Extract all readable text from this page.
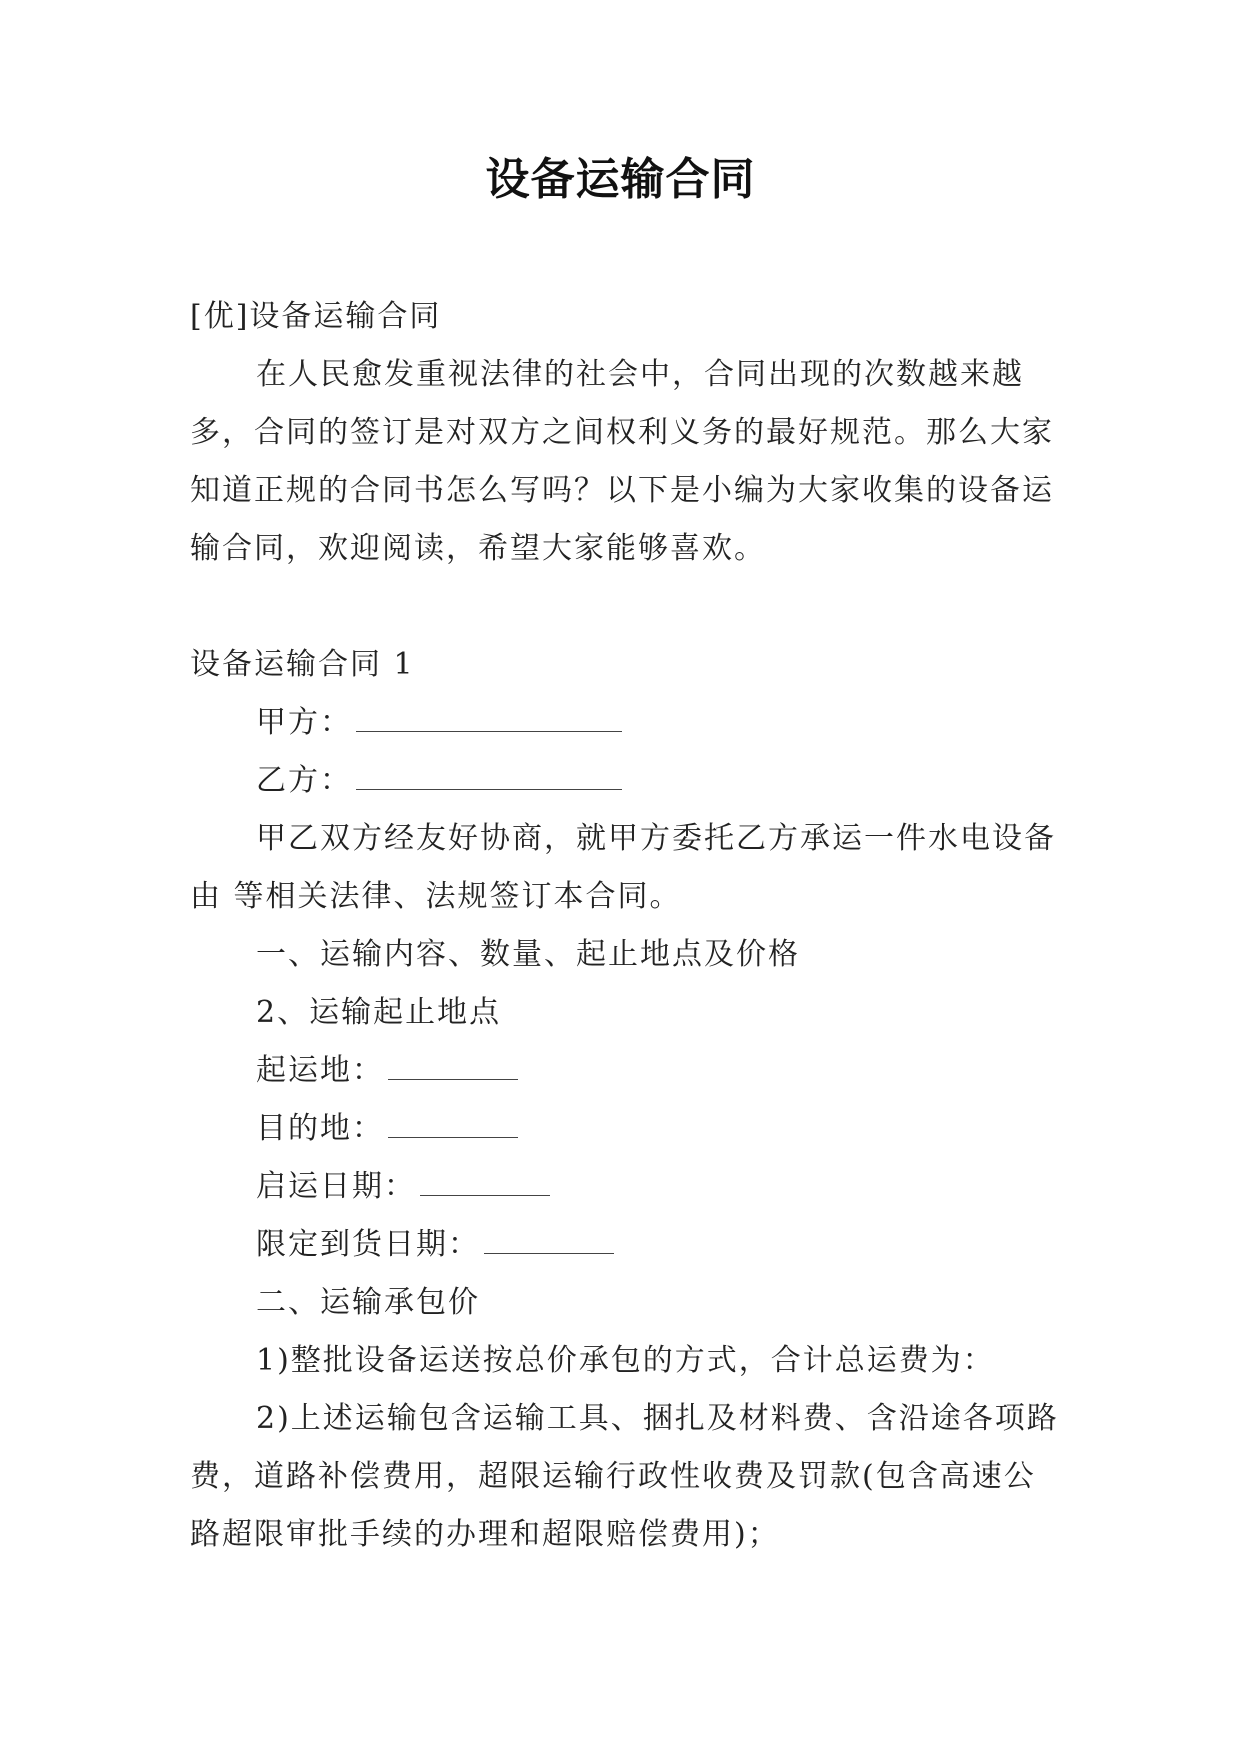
设备运输合同

[优]设备运输合同

在人民愈发重视法律的社会中，合同出现的次数越来越多，合同的签订是对双方之间权利义务的最好规范。那么大家知道正规的合同书怎么写吗？以下是小编为大家收集的设备运输合同，欢迎阅读，希望大家能够喜欢。

设备运输合同 1

甲方：

乙方：

甲乙双方经友好协商，就甲方委托乙方承运一件水电设备由 等相关法律、法规签订本合同。

一、运输内容、数量、起止地点及价格

2、运输起止地点

起运地：

目的地：

启运日期：

限定到货日期：

二、运输承包价

1)整批设备运送按总价承包的方式，合计总运费为：

2)上述运输包含运输工具、捆扎及材料费、含沿途各项路费，道路补偿费用，超限运输行政性收费及罚款(包含高速公路超限审批手续的办理和超限赔偿费用)；
